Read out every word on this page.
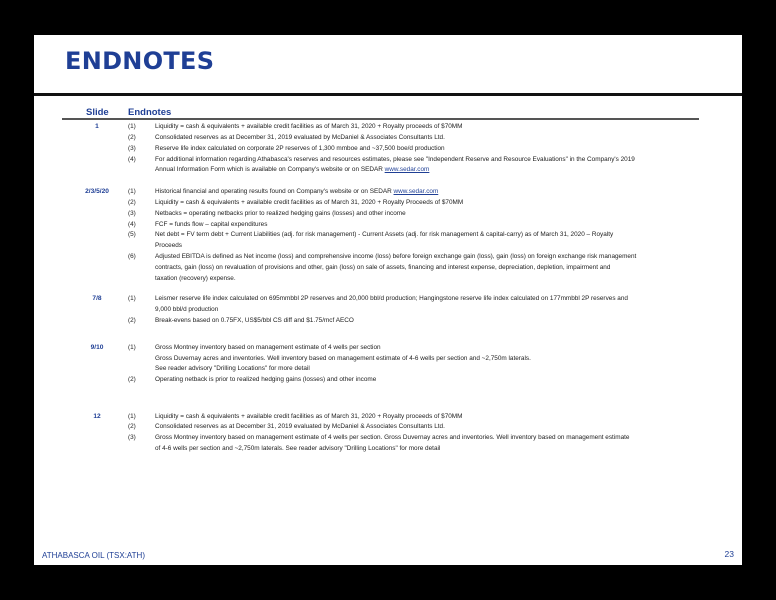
ENDNOTES
Slide Endnotes
1	(1)	Liquidity = cash & equivalents + available credit facilities as of March 31, 2020 + Royalty proceeds of $70MM
(2)	Consolidated reserves as at December 31, 2019 evaluated by McDaniel & Associates Consultants Ltd.
(3)	Reserve life index calculated on corporate 2P reserves of 1,300 mmboe and ~37,500 boe/d production
(4)	For additional information regarding Athabasca's reserves and resources estimates, please see "Independent Reserve and Resource Evaluations" in the Company's 2019
Annual Information Form which is available on Company's website or on SEDAR www.sedar.com
2/3/5/20	(1)	Historical financial and operating results found on Company's website or on SEDAR www.sedar.com
(2)	Liquidity = cash & equivalents + available credit facilities as of March 31, 2020 + Royalty Proceeds of $70MM
(3)	Netbacks = operating netbacks prior to realized hedging gains (losses) and other income
(4)	FCF = funds flow – capital expenditures
(5)	Net debt = FV term debt + Current Liabilities (adj. for risk management) - Current Assets (adj. for risk management & capital-carry) as of March 31, 2020 – Royalty
Proceeds
(6)	Adjusted EBITDA is defined as Net income (loss) and comprehensive income (loss) before foreign exchange gain (loss), gain (loss) on foreign exchange risk management
contracts, gain (loss) on revaluation of provisions and other, gain (loss) on sale of assets, financing and interest expense, depreciation, depletion, impairment and
taxation (recovery) expense.
7/8	(1)	Leismer reserve life index calculated on 695mmbbl 2P reserves and 20,000 bbl/d production; Hangingstone reserve life index calculated on 177mmbbl 2P reserves and
9,000 bbl/d production
(2)	Break-evens based on 0.75FX, US$5/bbl CS diff and $1.75/mcf AECO
9/10	(1)	Gross Montney inventory based on management estimate of 4 wells per section
Gross Duvernay acres and inventories. Well inventory based on management estimate of 4-6 wells per section and ~2,750m laterals.
See reader advisory "Drilling Locations" for more detail
(2)	Operating netback is prior to realized hedging gains (losses) and other income
12	(1)	Liquidity = cash & equivalents + available credit facilities as of March 31, 2020 + Royalty proceeds of $70MM
(2)	Consolidated reserves as at December 31, 2019 evaluated by McDaniel & Associates Consultants Ltd.
(3)	Gross Montney inventory based on management estimate of 4 wells per section. Gross Duvernay acres and inventories. Well inventory based on management estimate
of 4-6 wells per section and ~2,750m laterals. See reader advisory "Drilling Locations" for more detail
ATHABASCA OIL (TSX:ATH)	23
